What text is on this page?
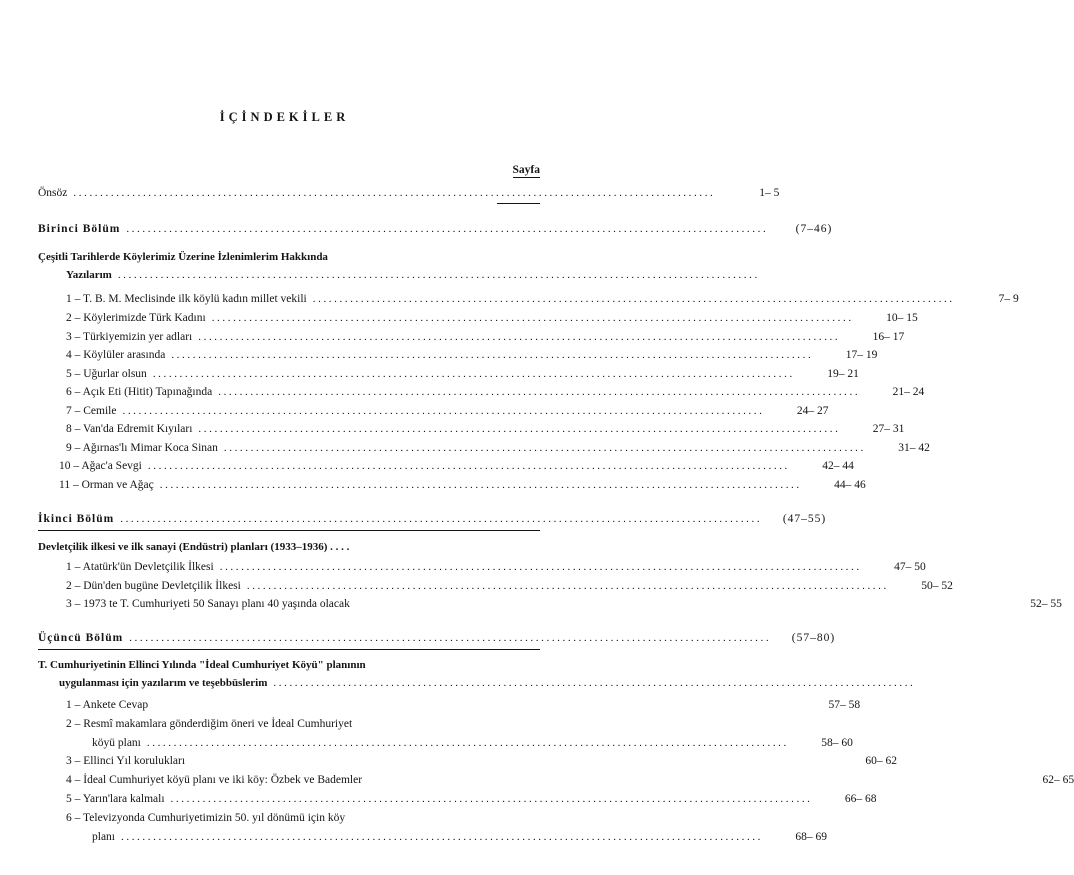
İÇİNDEKİLER
Sayfa
Önsöz ........................................................................................................................	1– 5
Birinci Bölüm ........................................................................................................................	(7–46)
Çeşitli Tarihlerde Köylerimiz Üzerine İzlenimlerim Hakkında
Yazılarım ........................................................................................................................
1 – T. B. M. Meclisinde ilk köylü kadın millet vekili ........................................................................................................................	7– 9
2 – Köylerimizde Türk Kadını ........................................................................................................................	10– 15
3 – Türkiyemizin yer adları ........................................................................................................................	16– 17
4 – Köylüler arasında ........................................................................................................................	17– 19
5 – Uğurlar olsun ........................................................................................................................	19– 21
6 – Açık Eti (Hitit) Tapınağında ........................................................................................................................	21– 24
7 – Cemile ........................................................................................................................	24– 27
8 – Van'da Edremit Kıyıları ........................................................................................................................	27– 31
9 – Ağırnas'lı Mimar Koca Sinan ........................................................................................................................	31– 42
10 – Ağac'a Sevgi ........................................................................................................................	42– 44
11 – Orman ve Ağaç ........................................................................................................................	44– 46
İkinci Bölüm ........................................................................................................................	(47–55)
Devletçilik ilkesi ve ilk sanayi (Endüstri) planları (1933–1936) . . . .
1 – Atatürk'ün Devletçilik İlkesi ........................................................................................................................	47– 50
2 – Dün'den bugüne Devletçilik İlkesi ........................................................................................................................	50– 52
3 – 1973 te T. Cumhuriyeti 50 Sanayı planı 40 yaşında olacak	52– 55
Üçüncü Bölüm ........................................................................................................................	(57–80)
T. Cumhuriyetinin Ellinci Yılında "İdeal Cumhuriyet Köyü" planının
uygulanması için yazılarım ve teşebbüslerim ........................................................................................................................
1 – Ankete Cevap	57– 58
2 – Resmî makamlara gönderdiğim öneri ve İdeal Cumhuriyet
köyü planı ........................................................................................................................	58– 60
3 – Ellinci Yıl korulukları	60– 62
4 – İdeal Cumhuriyet köyü planı ve iki köy: Özbek ve Bademler	62– 65
5 – Yarın'lara kalmalı ........................................................................................................................	66– 68
6 – Televizyonda Cumhuriyetimizin 50. yıl dönümü için köy
planı ........................................................................................................................	68– 69
